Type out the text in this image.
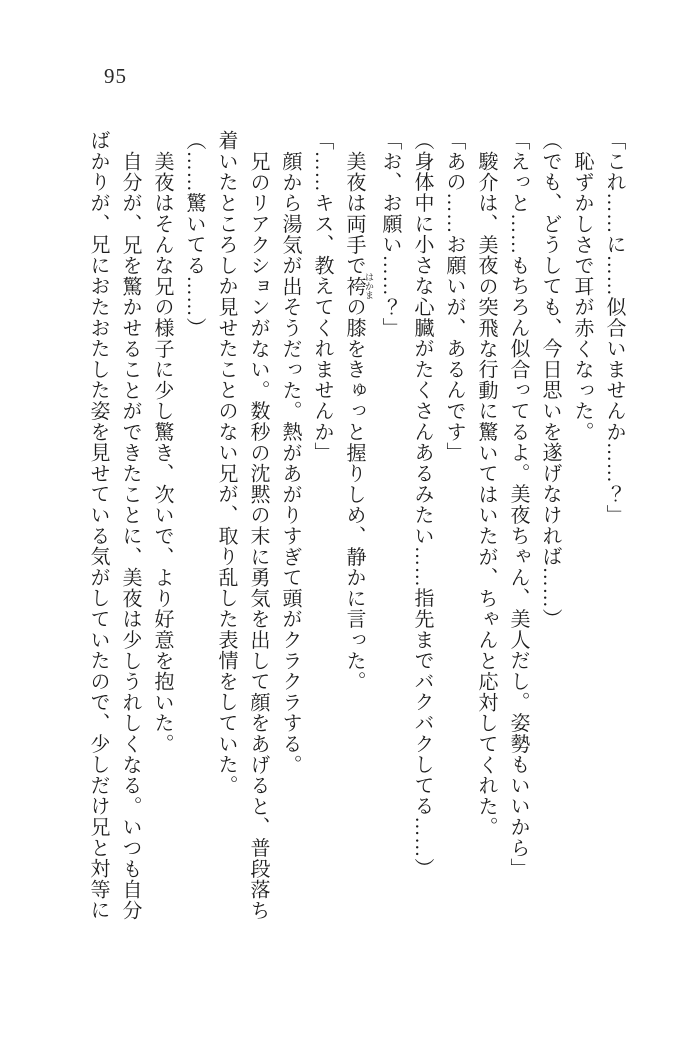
95

「これ……に……似合いませんか……？」

恥ずかしさで耳が赤くなった。

（でも、どうしても、今日思いを遂げなければ……）

「えっと……もちろん似合ってるよ。美夜ちゃん、美人だし。姿勢もいいから」

駿介は、美夜の突飛な行動に驚いてはいたが、ちゃんと応対してくれた。

「あの……お願いが、あるんです」

（身体中に小さな心臓がたくさんあるみたい……指先までバクバクしてる……）

「お、お願い……？」

美夜は両手で袴 はかまの膝をきゅっと握りしめ、静かに言った。

「……キス、教えてくれませんか」

顔から湯気が出そうだった。熱があがりすぎて頭がクラクラする。

兄のリアクションがない。数秒の沈黙の末に勇気を出して顔をあげると、普段落ち

着いたところしか見せたことのない兄が、取り乱した表情をしていた。

（……驚いてる……）

美夜はそんな兄の様子に少し驚き、次いで、より好意を抱いた。

自分が、兄を驚かせることができたことに、美夜は少しうれしくなる。いつも自分

ばかりが、兄におたおたした姿を見せている気がしていたので、少しだけ兄と対等に
